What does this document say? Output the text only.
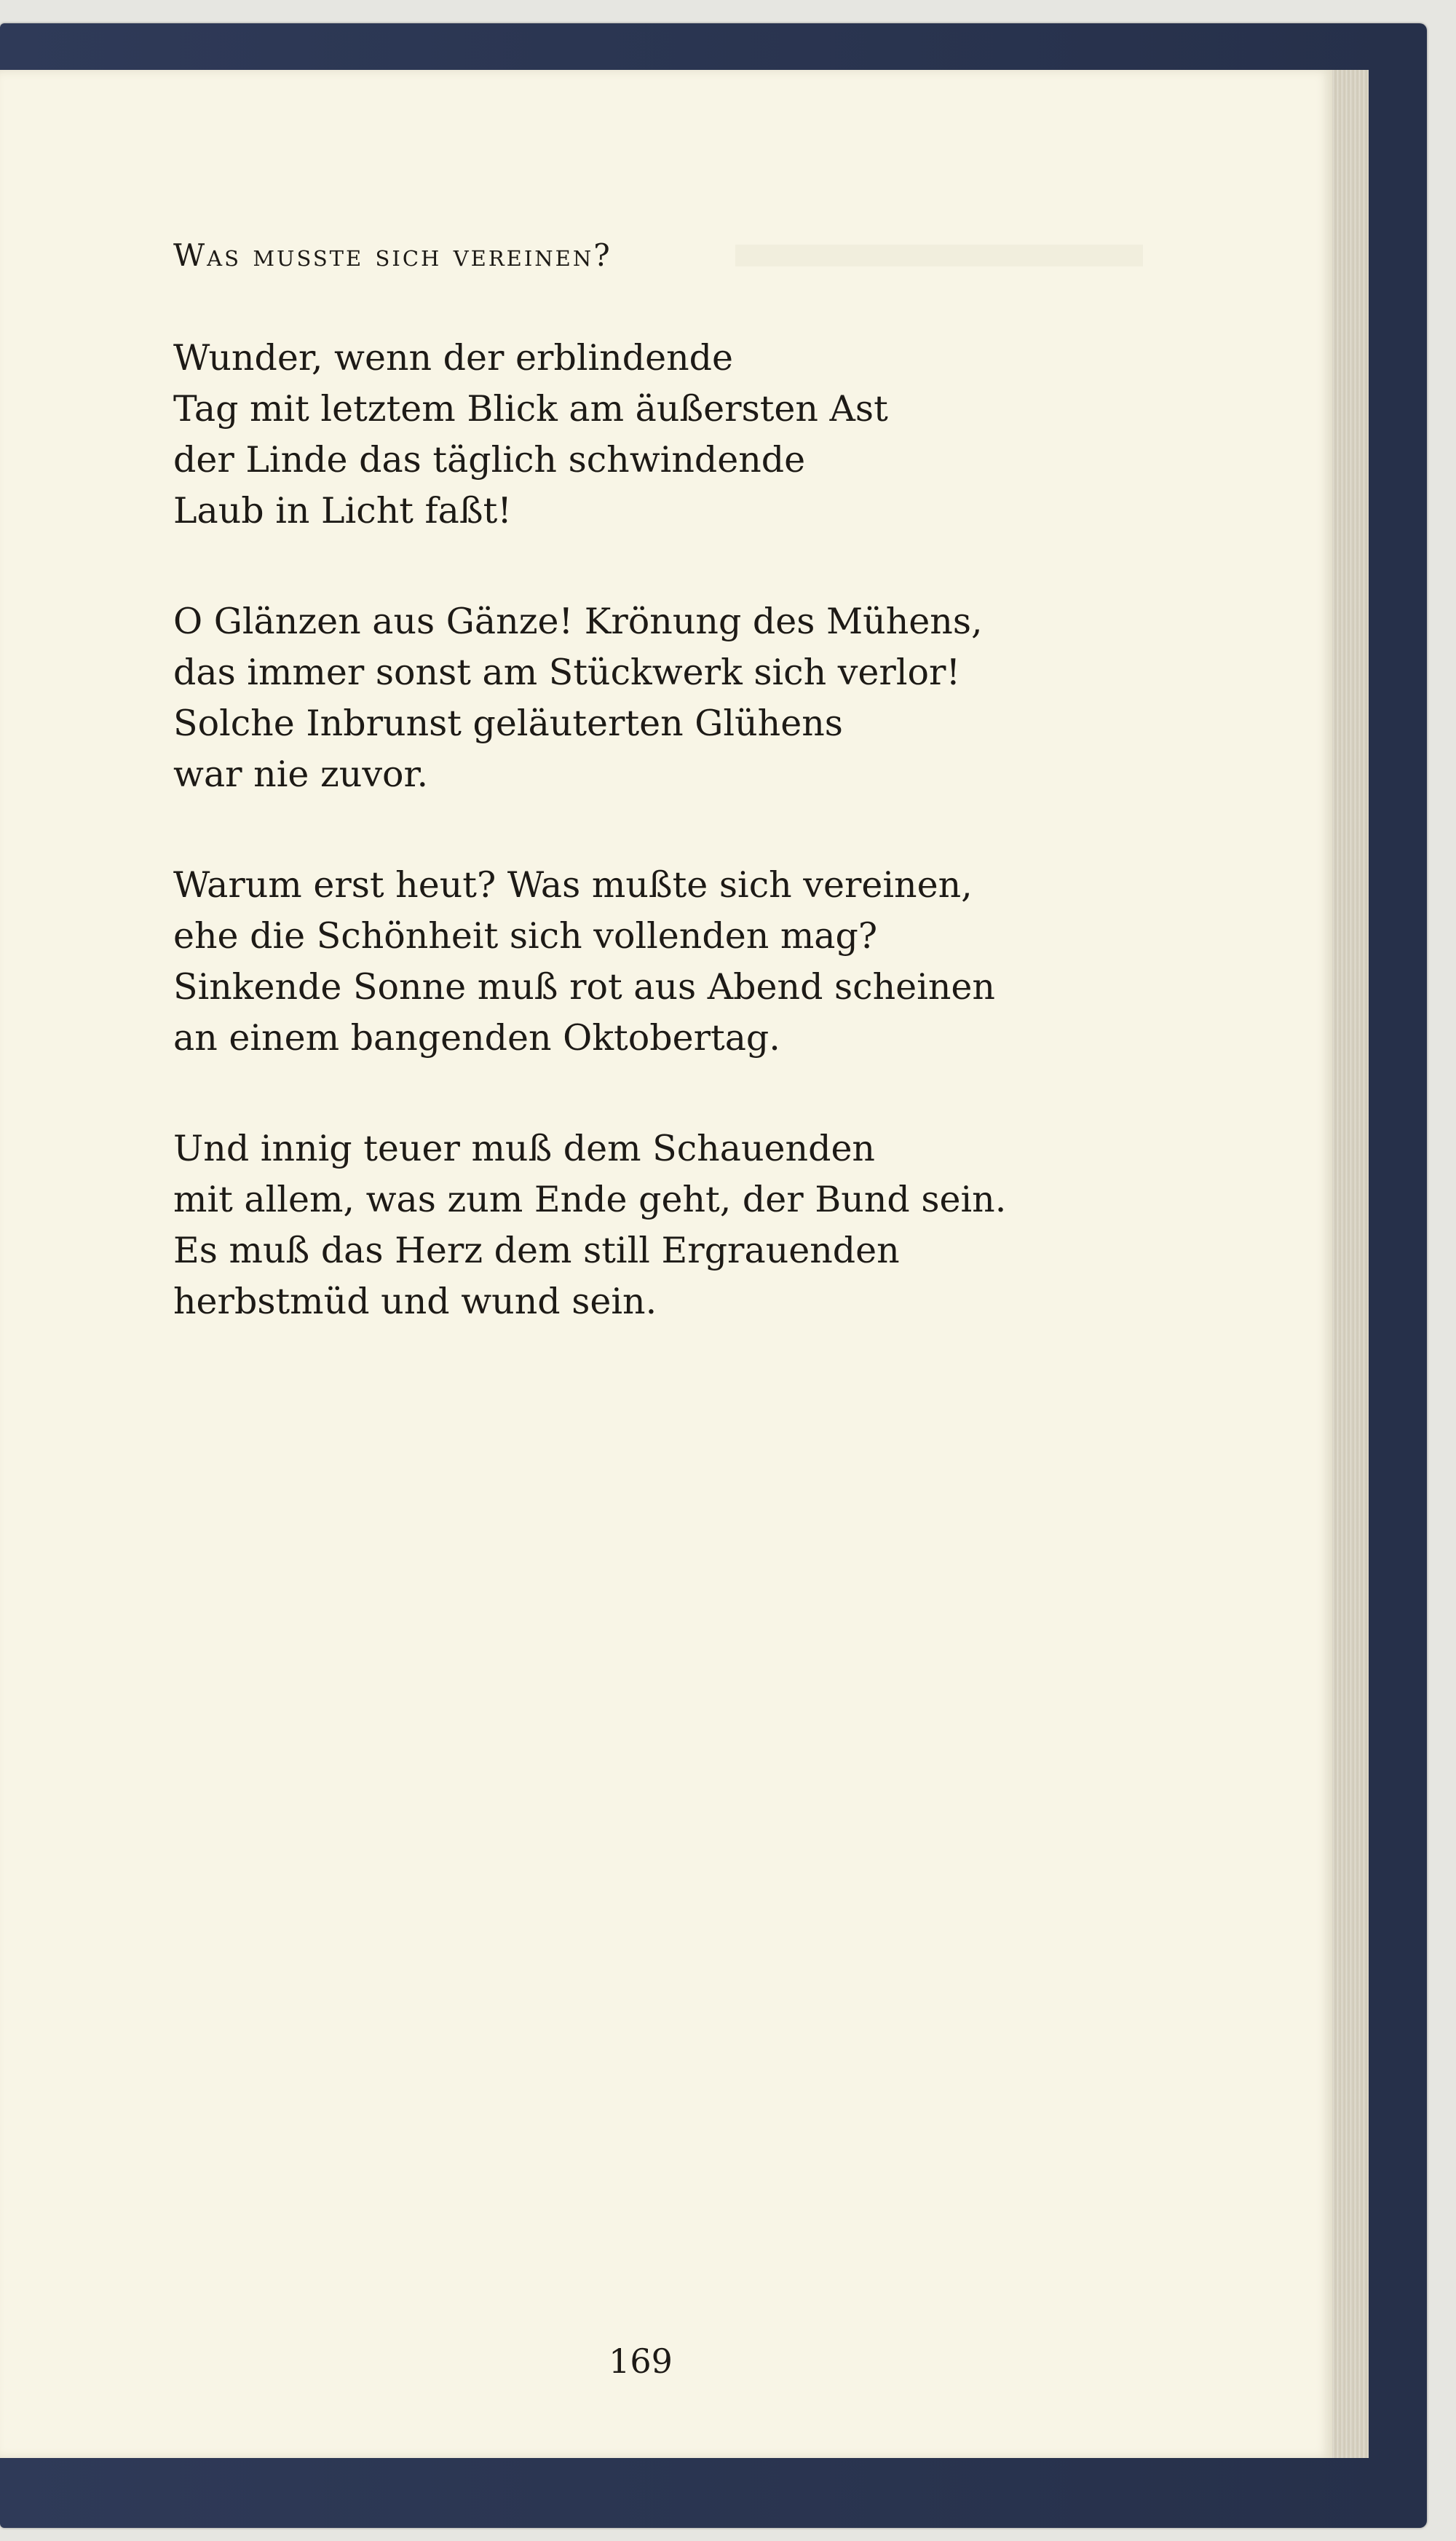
Was musste sich vereinen?
Wunder, wenn der erblindende
Tag mit letztem Blick am äußersten Ast
der Linde das täglich schwindende
Laub in Licht faßt!
O Glänzen aus Gänze! Krönung des Mühens,
das immer sonst am Stückwerk sich verlor!
Solche Inbrunst geläuterten Glühens
war nie zuvor.
Warum erst heut? Was mußte sich vereinen,
ehe die Schönheit sich vollenden mag?
Sinkende Sonne muß rot aus Abend scheinen
an einem bangenden Oktobertag.
Und innig teuer muß dem Schauenden
mit allem, was zum Ende geht, der Bund sein.
Es muß das Herz dem still Ergrauenden
herbstmüd und wund sein.
169
